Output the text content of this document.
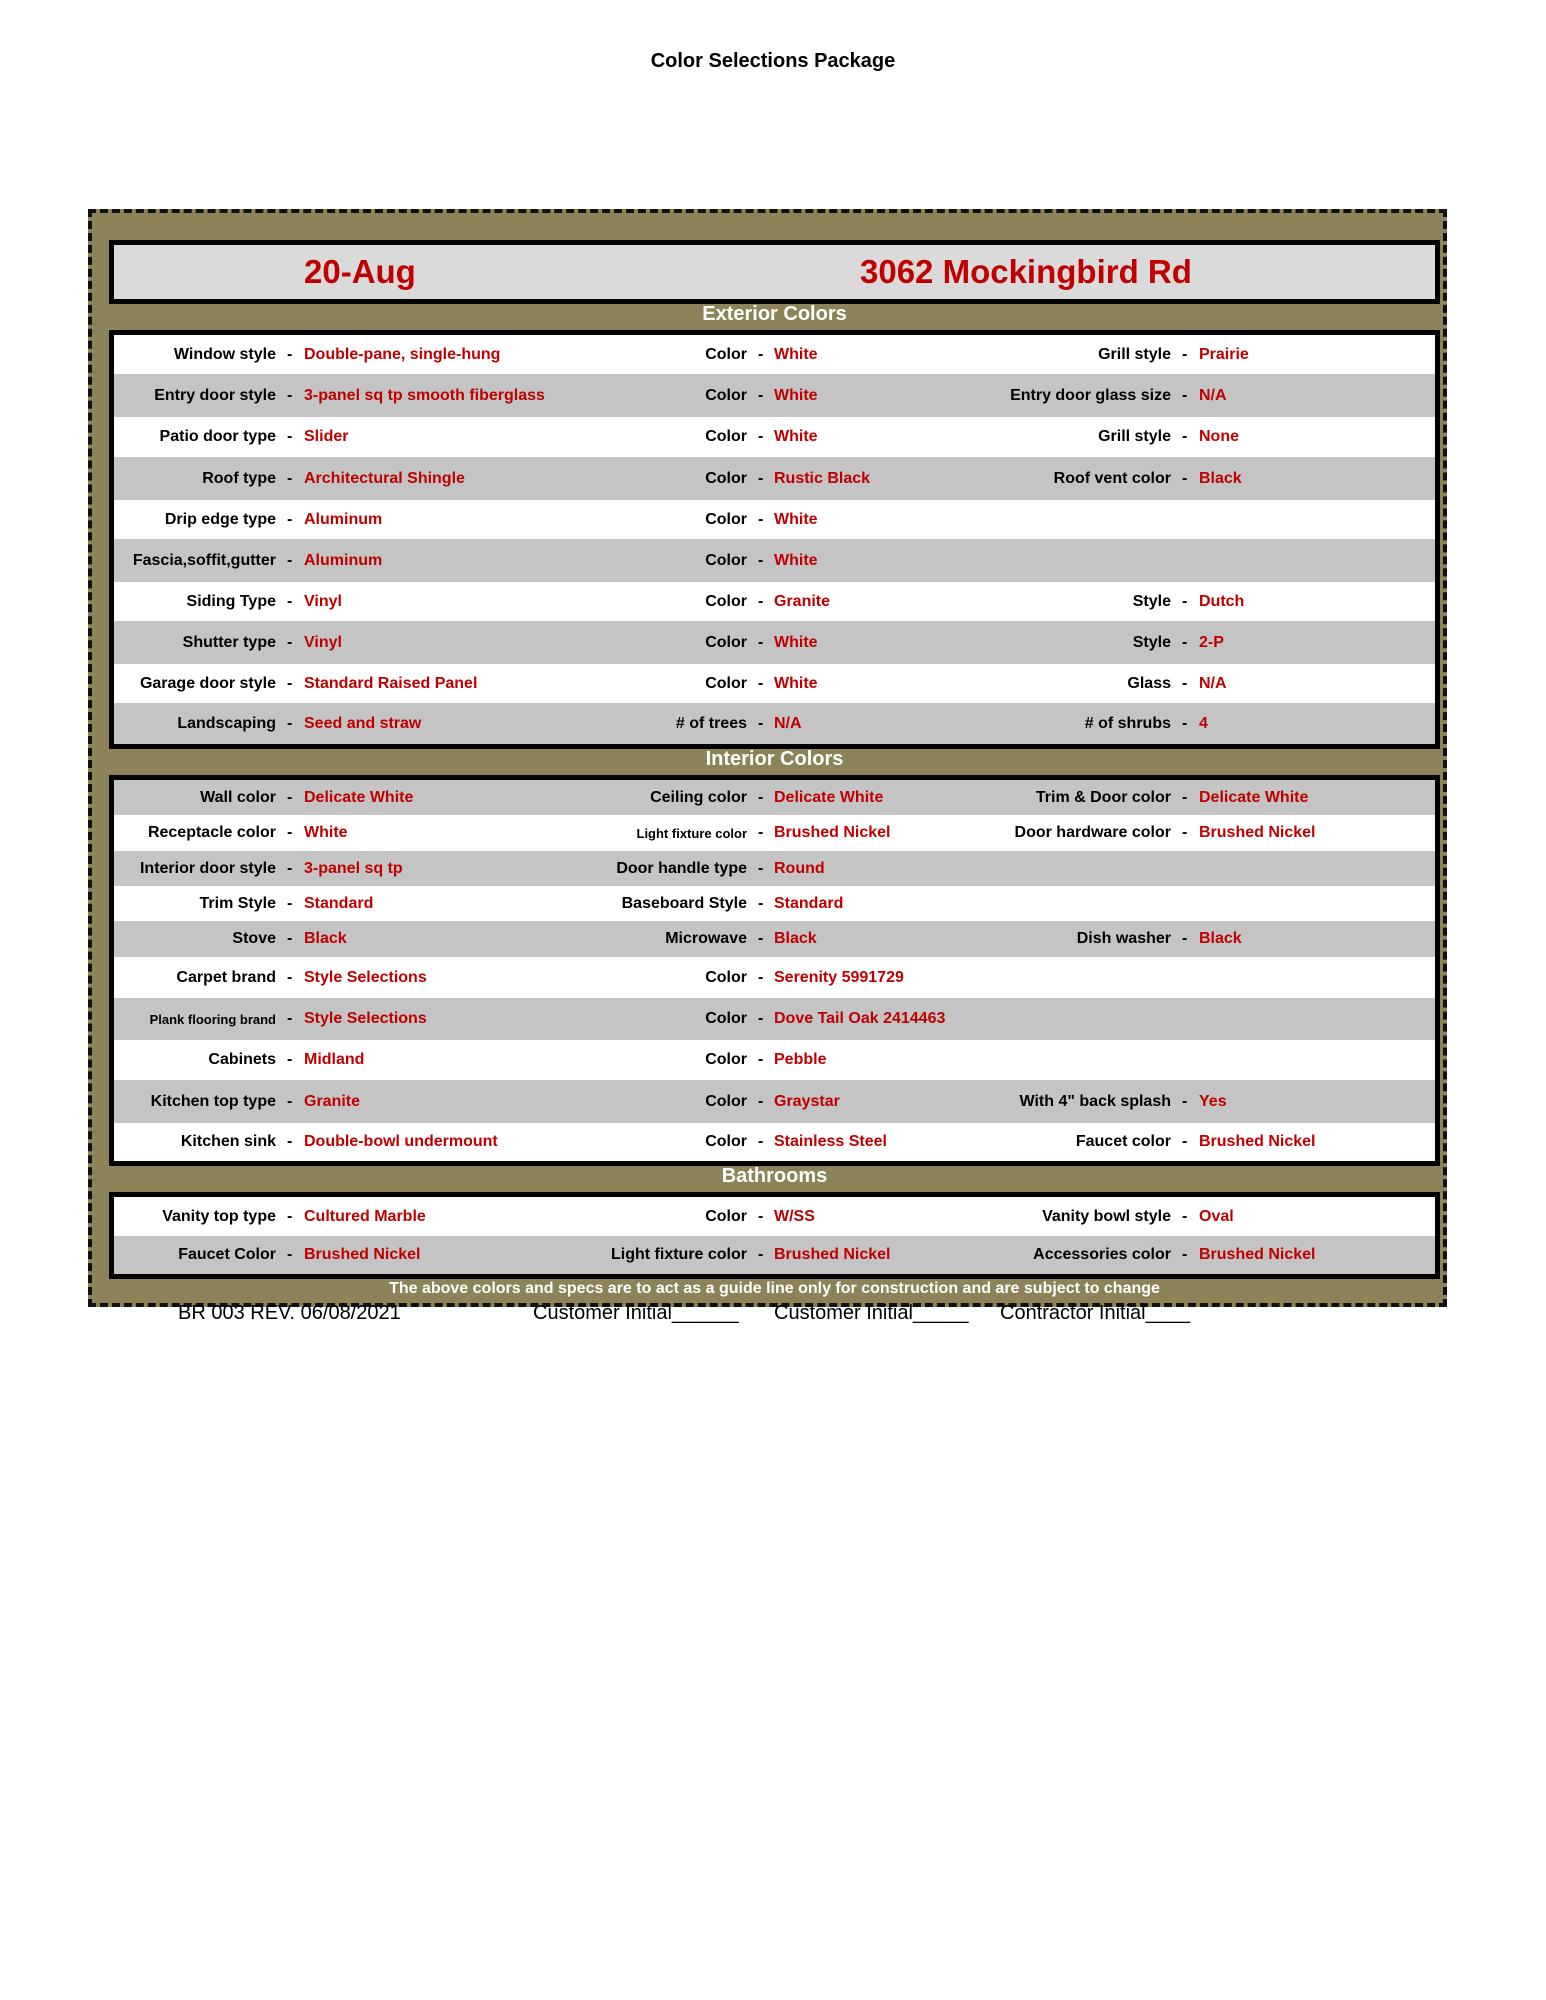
Color Selections Package
20-Aug	3062 Mockingbird Rd
Exterior Colors
Window style - Double-pane, single-hung	Color - White	Grill style - Prairie
Entry door style - 3-panel sq tp smooth fiberglass	Color - White	Entry door glass size - N/A
Patio door type - Slider	Color - White	Grill style - None
Roof type - Architectural Shingle	Color - Rustic Black	Roof vent color - Black
Drip edge type - Aluminum	Color - White
Fascia,soffit,gutter - Aluminum	Color - White
Siding Type - Vinyl	Color - Granite	Style - Dutch
Shutter type - Vinyl	Color - White	Style - 2-P
Garage door style - Standard Raised Panel	Color - White	Glass - N/A
Landscaping - Seed and straw	# of trees - N/A	# of shrubs - 4
Interior Colors
Wall color - Delicate White	Ceiling color - Delicate White	Trim & Door color - Delicate White
Receptacle color - White	Light fixture color - Brushed Nickel	Door hardware color - Brushed Nickel
Interior door style - 3-panel sq tp	Door handle type - Round
Trim Style - Standard	Baseboard Style - Standard
Stove - Black	Microwave - Black	Dish washer - Black
Carpet brand - Style Selections	Color - Serenity 5991729
Plank flooring brand - Style Selections	Color - Dove Tail Oak 2414463
Cabinets - Midland	Color - Pebble
Kitchen top type - Granite	Color - Graystar	With 4" back splash - Yes
Kitchen sink - Double-bowl undermount	Color - Stainless Steel	Faucet color - Brushed Nickel
Bathrooms
Vanity top type - Cultured Marble	Color - W/SS	Vanity bowl style - Oval
Faucet Color - Brushed Nickel	Light fixture color - Brushed Nickel	Accessories color - Brushed Nickel
The above colors and specs are to act as a guide line only for construction and are subject to change
BR 003 REV. 06/08/2021	Customer Initial______ Customer Initial_____ Contractor Initial____
